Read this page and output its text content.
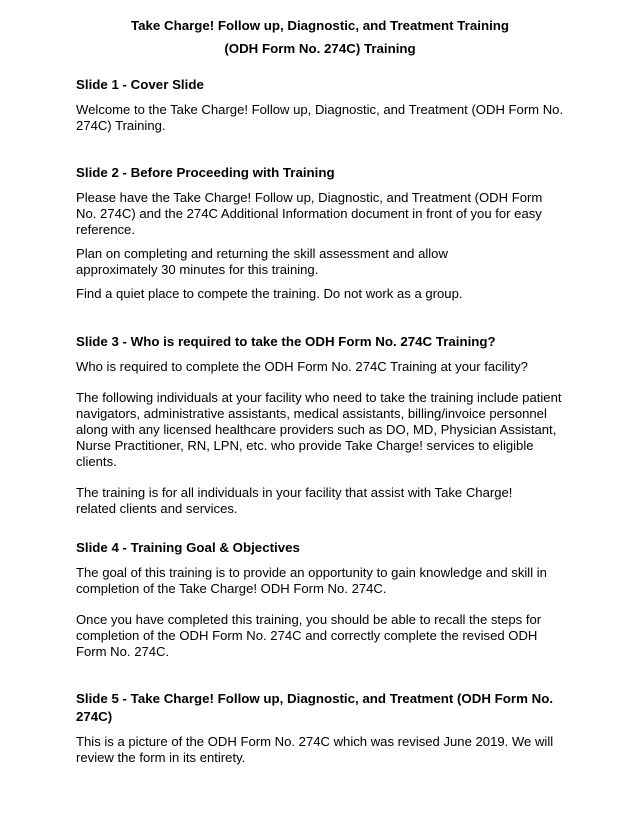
Take Charge! Follow up, Diagnostic, and Treatment Training
(ODH Form No. 274C) Training
Slide 1 - Cover Slide

Welcome to the Take Charge! Follow up, Diagnostic, and Treatment (ODH Form No. 274C) Training.

Slide 2 - Before Proceeding with Training

Please have the Take Charge! Follow up, Diagnostic, and Treatment (ODH Form No. 274C) and the 274C Additional Information document in front of you for easy reference.

Plan on completing and returning the skill assessment and allow approximately 30 minutes for this training.

Find a quiet place to compete the training. Do not work as a group.

Slide 3 - Who is required to take the ODH Form No. 274C Training?

Who is required to complete the ODH Form No. 274C Training at your facility?

The following individuals at your facility who need to take the training include patient navigators, administrative assistants, medical assistants, billing/invoice personnel along with any licensed healthcare providers such as DO, MD, Physician Assistant, Nurse Practitioner, RN, LPN, etc. who provide Take Charge! services to eligible clients.

The training is for all individuals in your facility that assist with Take Charge! related clients and services.

Slide 4 - Training Goal & Objectives

The goal of this training is to provide an opportunity to gain knowledge and skill in completion of the Take Charge! ODH Form No. 274C.

Once you have completed this training, you should be able to recall the steps for completion of the ODH Form No. 274C and correctly complete the revised ODH Form No. 274C.

Slide 5 - Take Charge! Follow up, Diagnostic, and Treatment (ODH Form No. 274C)

This is a picture of the ODH Form No. 274C which was revised June 2019. We will review the form in its entirety.
